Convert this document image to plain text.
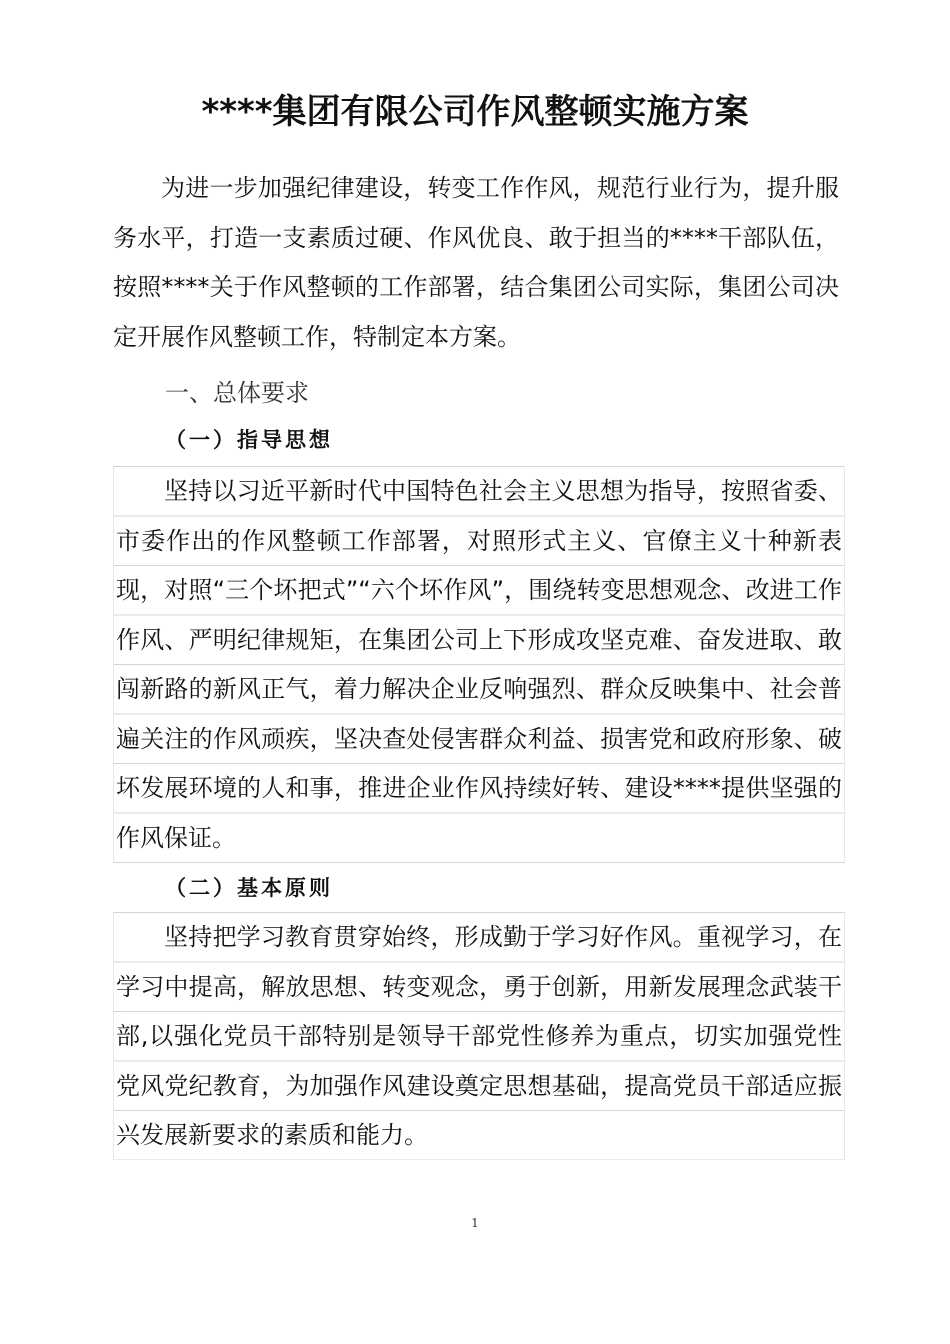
****集团有限公司作风整顿实施方案

为进一步加强纪律建设，转变工作作风，规范行业行为，提升服务水平，打造一支素质过硬、作风优良、敢于担当的****干部队伍，按照****关于作风整顿的工作部署，结合集团公司实际，集团公司决定开展作风整顿工作，特制定本方案。

一、总体要求
（一）指导思想

坚持以习近平新时代中国特色社会主义思想为指导，按照省委、市委作出的作风整顿工作部署，对照形式主义、官僚主义十种新表现，对照“三个坏把式”“六个坏作风”，围绕转变思想观念、改进工作作风、严明纪律规矩，在集团公司上下形成攻坚克难、奋发进取、敢闯新路的新风正气，着力解决企业反响强烈、群众反映集中、社会普遍关注的作风顽疾，坚决查处侵害群众利益、损害党和政府形象、破坏发展环境的人和事，推进企业作风持续好转、建设****提供坚强的作风保证。

（二）基本原则

坚持把学习教育贯穿始终，形成勤于学习好作风。重视学习，在学习中提高，解放思想、转变观念，勇于创新，用新发展理念武装干部,以强化党员干部特别是领导干部党性修养为重点，切实加强党性党风党纪教育，为加强作风建设奠定思想基础，提高党员干部适应振兴发展新要求的素质和能力。

1
